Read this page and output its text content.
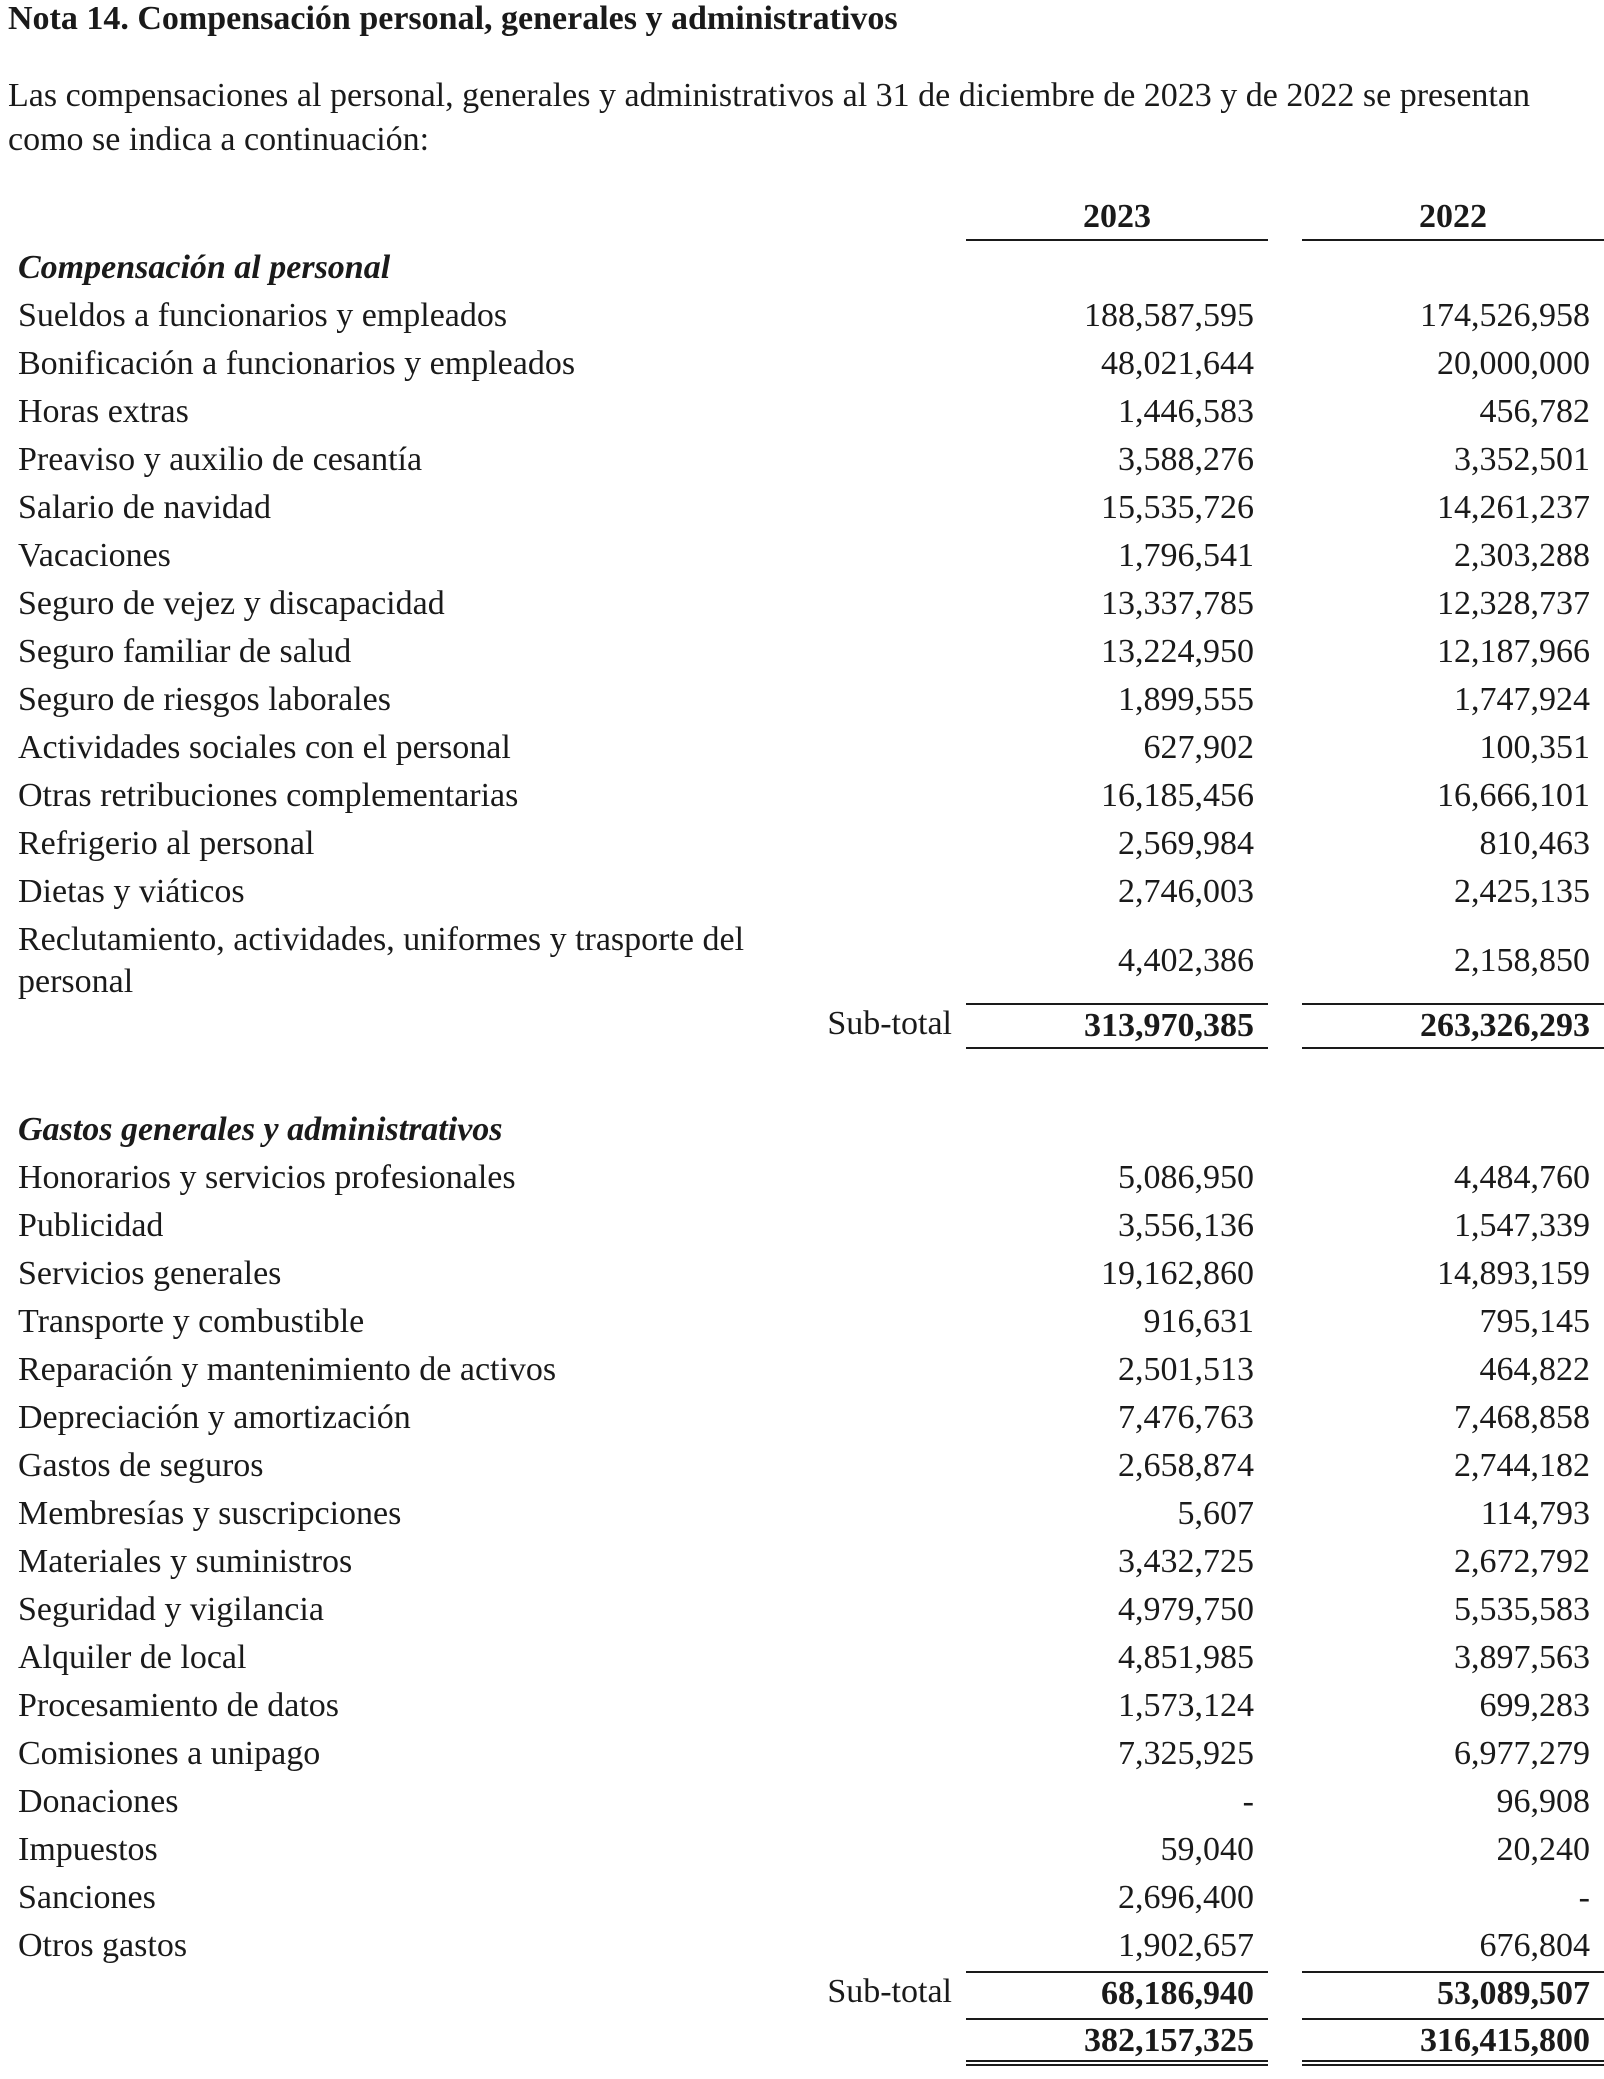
Nota 14. Compensación personal, generales y administrativos
Las compensaciones al personal, generales y administrativos al 31 de diciembre de 2023 y de 2022 se presentan como se indica a continuación:
2023	2022
Compensación al personal
Sueldos a funcionarios y empleados	188,587,595	174,526,958
Bonificación a funcionarios y empleados	48,021,644	20,000,000
Horas extras	1,446,583	456,782
Preaviso y auxilio de cesantía	3,588,276	3,352,501
Salario de navidad	15,535,726	14,261,237
Vacaciones	1,796,541	2,303,288
Seguro de vejez y discapacidad	13,337,785	12,328,737
Seguro familiar de salud	13,224,950	12,187,966
Seguro de riesgos laborales	1,899,555	1,747,924
Actividades sociales con el personal	627,902	100,351
Otras retribuciones complementarias	16,185,456	16,666,101
Refrigerio al personal	2,569,984	810,463
Dietas y viáticos	2,746,003	2,425,135
Reclutamiento, actividades, uniformes y trasporte del personal
4,402,386	2,158,850
Sub-total	313,970,385	263,326,293
Gastos generales y administrativos
Honorarios y servicios profesionales	5,086,950	4,484,760
Publicidad	3,556,136	1,547,339
Servicios generales	19,162,860	14,893,159
Transporte y combustible	916,631	795,145
Reparación y mantenimiento de activos	2,501,513	464,822
Depreciación y amortización	7,476,763	7,468,858
Gastos de seguros	2,658,874	2,744,182
Membresías y suscripciones	5,607	114,793
Materiales y suministros	3,432,725	2,672,792
Seguridad y vigilancia	4,979,750	5,535,583
Alquiler de local	4,851,985	3,897,563
Procesamiento de datos	1,573,124	699,283
Comisiones a unipago	7,325,925	6,977,279
Donaciones	-	96,908
Impuestos	59,040	20,240
Sanciones	2,696,400	-
Otros gastos	1,902,657	676,804
Sub-total	68,186,940	53,089,507
382,157,325	316,415,800
